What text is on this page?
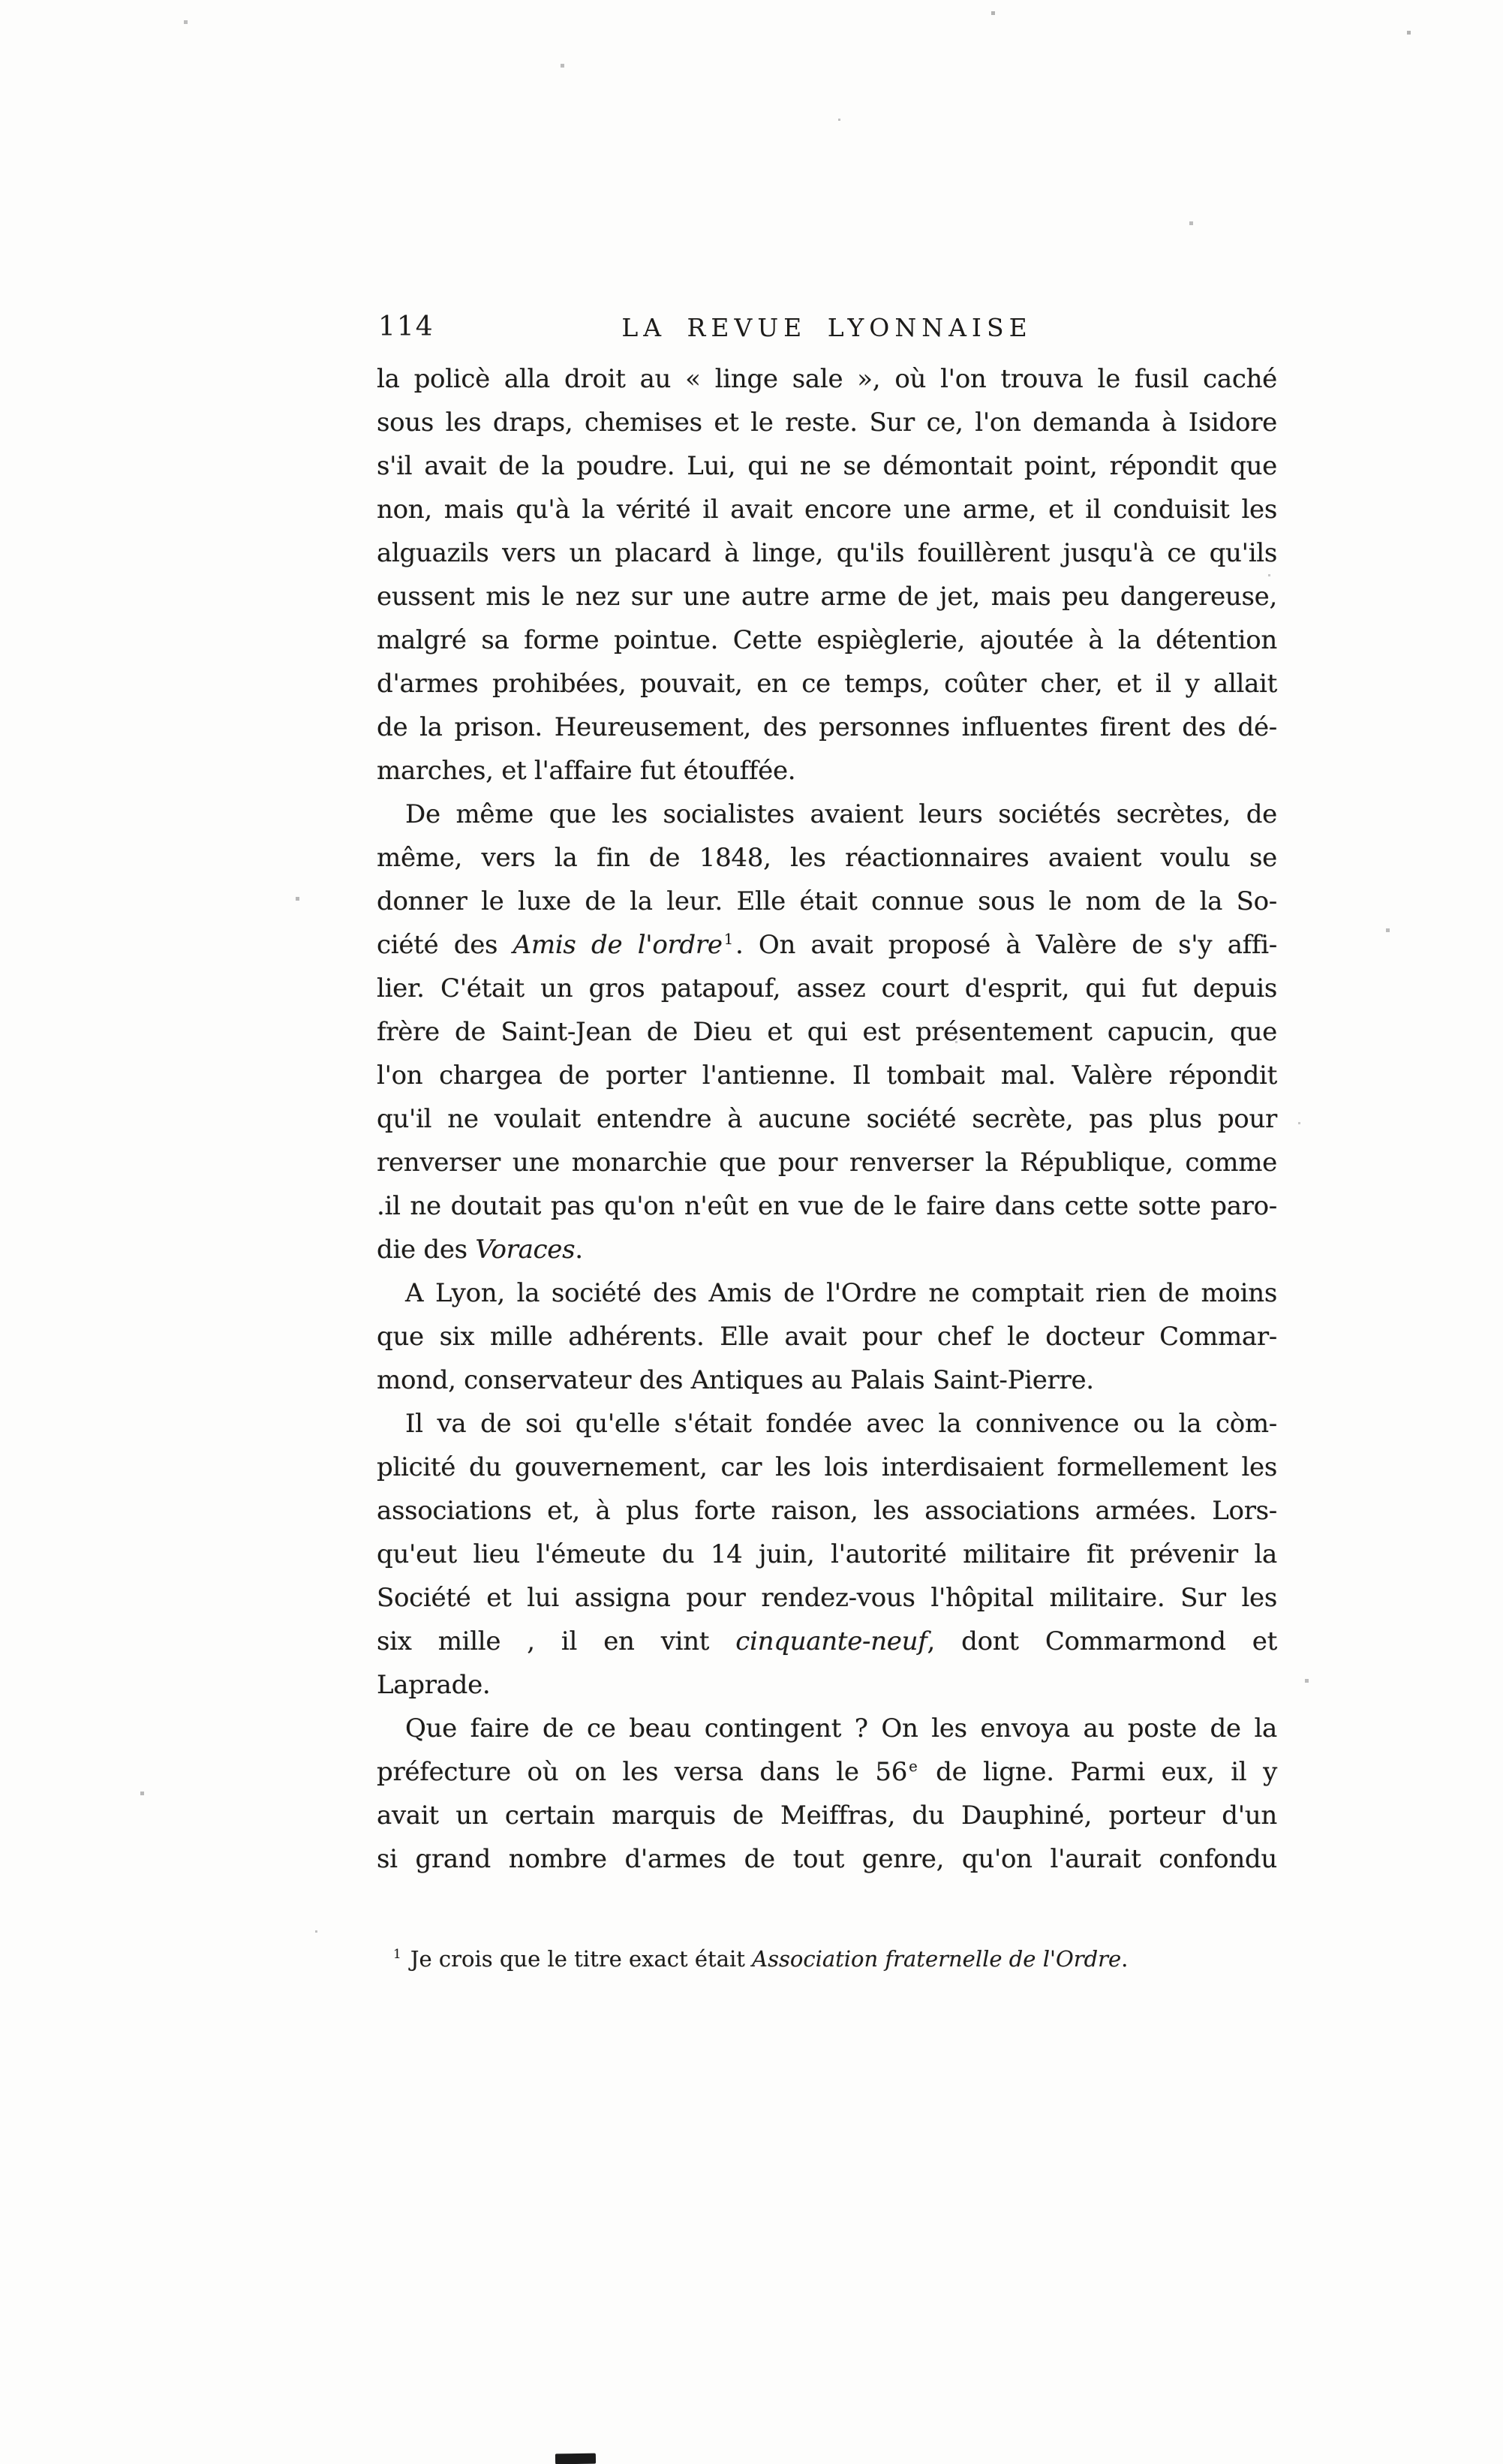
114	LA REVUE LYONNAISE
la policè alla droit au « linge sale », où l'on trouva le fusil caché
sous les draps, chemises et le reste. Sur ce, l'on demanda à Isidore
s'il avait de la poudre. Lui, qui ne se démontait point, répondit que
non, mais qu'à la vérité il avait encore une arme, et il conduisit les
alguazils vers un placard à linge, qu'ils fouillèrent jusqu'à ce qu'ils
eussent mis le nez sur une autre arme de jet, mais peu dangereuse,
malgré sa forme pointue. Cette espièglerie, ajoutée à la détention
d'armes prohibées, pouvait, en ce temps, coûter cher, et il y allait
de la prison. Heureusement, des personnes influentes firent des dé-
marches, et l'affaire fut étouffée.
De même que les socialistes avaient leurs sociétés secrètes, de
même, vers la fin de 1848, les réactionnaires avaient voulu se
donner le luxe de la leur. Elle était connue sous le nom de la So-
ciété des Amis de l'ordre $^1$. On avait proposé à Valère de s'y affi-
lier. C'était un gros patapouf, assez court d'esprit, qui fut depuis
frère de Saint-Jean de Dieu et qui est présentement capucin, que
l'on chargea de porter l'antienne. Il tombait mal. Valère répondit
qu'il ne voulait entendre à aucune société secrète, pas plus pour
renverser une monarchie que pour renverser la République, comme
.il ne doutait pas qu'on n'eût en vue de le faire dans cette sotte paro-
die des Voraces.
A Lyon, la société des Amis de l'Ordre ne comptait rien de moins
que six mille adhérents. Elle avait pour chef le docteur Commar-
mond, conservateur des Antiques au Palais Saint-Pierre.
Il va de soi qu'elle s'était fondée avec la connivence ou la còm-
plicité du gouvernement, car les lois interdisaient formellement les
associations et, à plus forte raison, les associations armées. Lors-
qu'eut lieu l'émeute du 14 juin, l'autorité militaire fit prévenir la
Société et lui assigna pour rendez-vous l'hôpital militaire. Sur les
six mille , il en vint cinquante-neuf, dont Commarmond et
Laprade.
Que faire de ce beau contingent ? On les envoya au poste de la
préfecture où on les versa dans le 56 $^e$ de ligne. Parmi eux, il y
avait un certain marquis de Meiffras, du Dauphiné, porteur d'un
si grand nombre d'armes de tout genre, qu'on l'aurait confondu
$^1$ Je crois que le titre exact était Association fraternelle de l'Ordre.
